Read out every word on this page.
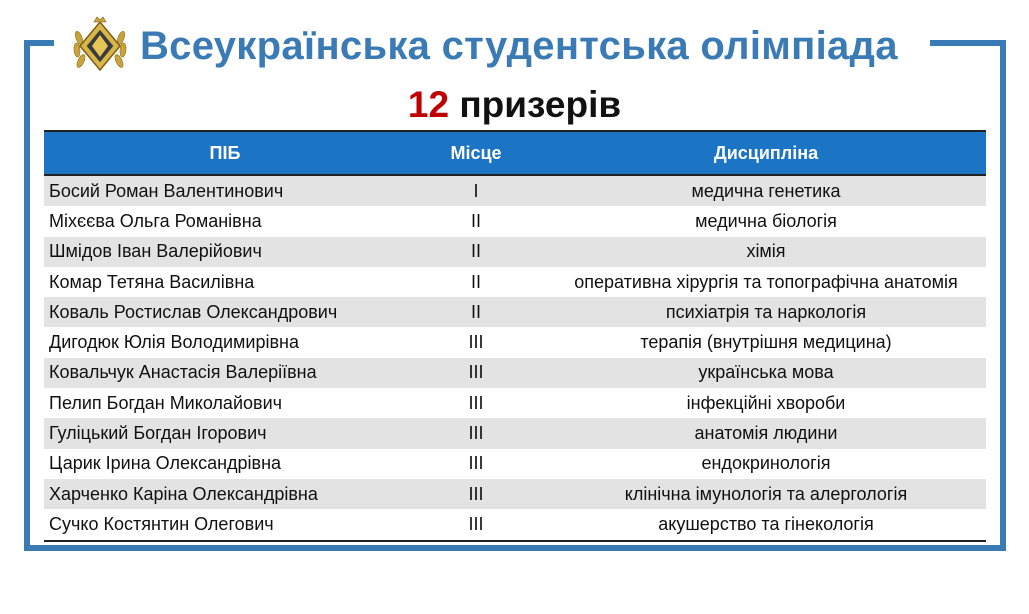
Всеукраїнська студентська олімпіада
12 призерів
ПІБ	Місце	Дисципліна
Босий Роман Валентинович	I	медична генетика
Міхєєва Ольга Романівна	II	медична біологія
Шмідов Іван Валерійович	II	хімія
Комар Тетяна Василівна	II	оперативна хірургія та топографічна анатомія
Коваль Ростислав Олександрович	II	психіатрія та наркологія
Дигодюк Юлія Володимирівна	III	терапія (внутрішня медицина)
Ковальчук Анастасія Валеріївна	III	українська мова
Пелип Богдан Миколайович	III	інфекційні хвороби
Гуліцький Богдан Ігорович	III	анатомія людини
Царик Ірина Олександрівна	III	ендокринологія
Харченко Каріна Олександрівна	III	клінічна імунологія та алергологія
Сучко Костянтин Олегович	III	акушерство та гінекологія
